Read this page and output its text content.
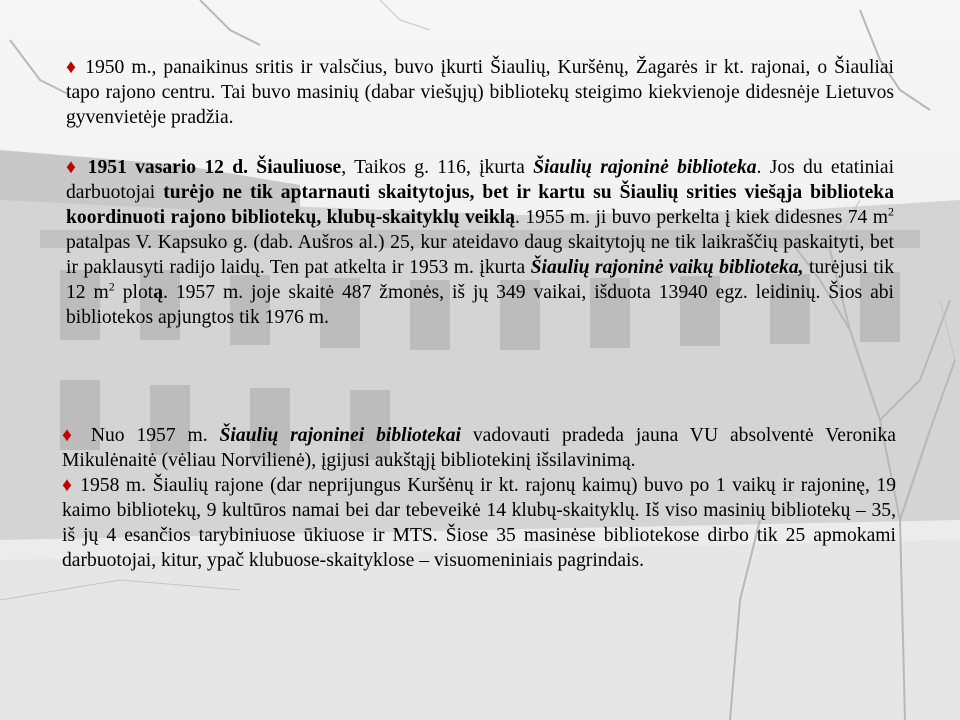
♦ 1950 m., panaikinus sritis ir valsčius, buvo įkurti Šiaulių, Kuršėnų, Žagarės ir kt. rajonai, o Šiauliai tapo rajono centru. Tai buvo masinių (dabar viešųjų) bibliotekų steigimo kiekvienoje didesnėje Lietuvos gyvenvietėje pradžia.

♦ 1951 vasario 12 d. Šiauliuose, Taikos g. 116, įkurta Šiaulių rajoninė biblioteka. Jos du etatiniai darbuotojai turėjo ne tik aptarnauti skaitytojus, bet ir kartu su Šiaulių srities viešąja biblioteka koordinuoti rajono bibliotekų, klubų-skaityklų veiklą. 1955 m. ji buvo perkelta į kiek didesnes 74 $m^2$ patalpas V. Kapsuko g. (dab. Aušros al.) 25, kur ateidavo daug skaitytojų ne tik laikraščių paskaityti, bet ir paklausyti radijo laidų. Ten pat atkelta ir 1953 m. įkurta Šiaulių rajoninė vaikų biblioteka, turėjusi tik 12 $m^2$ plotą. 1957 m. joje skaitė 487 žmonės, iš jų 349 vaikai, išduota 13940 egz. leidinių. Šios abi bibliotekos apjungtos tik 1976 m.

♦ Nuo 1957 m. Šiaulių rajoninei bibliotekai vadovauti pradeda jauna VU absolventė Veronika Mikulėnaitė (vėliau Norvilienė), įgijusi aukštąjį bibliotekinį išsilavinimą.
♦ 1958 m. Šiaulių rajone (dar neprijungus Kuršėnų ir kt. rajonų kaimų) buvo po 1 vaikų ir rajoninę, 19 kaimo bibliotekų, 9 kultūros namai bei dar tebeveikė 14 klubų-skaityklų. Iš viso masinių bibliotekų – 35, iš jų 4 esančios tarybiniuose ūkiuose ir MTS. Šiose 35 masinėse bibliotekose dirbo tik 25 apmokami darbuotojai, kitur, ypač klubuose-skaityklose – visuomeniniais pagrindais.
